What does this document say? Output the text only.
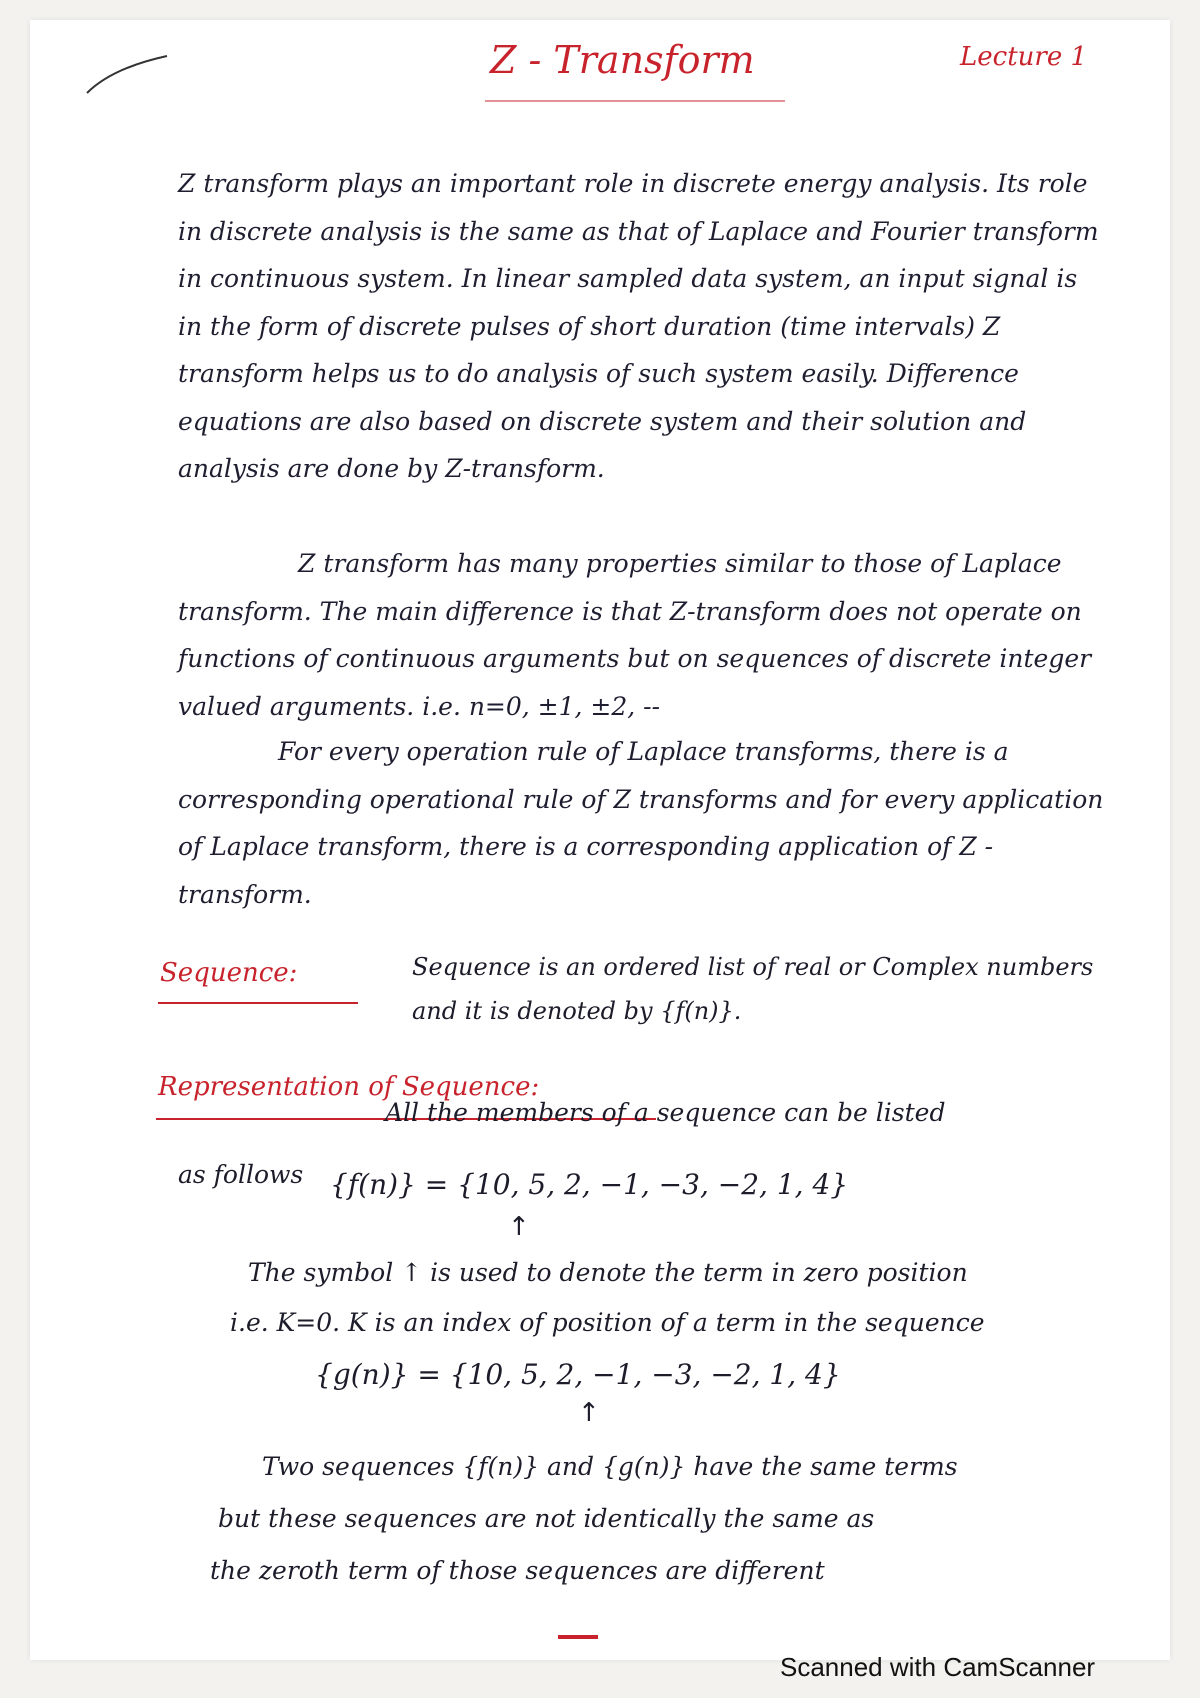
Z - Transform	Lecture 1
Z transform plays an important role in discrete energy analysis. Its role in discrete analysis is the same as that of Laplace and Fourier transform in continuous system. In linear sampled data system, an input signal is in the form of discrete pulses of short duration (time intervals) Z transform helps us to do analysis of such system easily. Difference equations are also based on discrete system and their solution and analysis are done by Z-transform.
Z transform has many properties similar to those of Laplace transform. The main difference is that Z-transform does not operate on functions of continuous arguments but on sequences of discrete integer valued arguments. i.e. n=0, ±1, ±2, --
For every operation rule of Laplace transforms, there is a corresponding operational rule of Z transforms and for every application of Laplace transform, there is a corresponding application of Z - transform.
Sequence:	Sequence is an ordered list of real or Complex numbers and it is denoted by {f(n)}.
Representation of Sequence:
All the members of a sequence can be listed
as follows {f(n)} = {10, 5, 2, −1, −3, −2, 1, 4}
↑
The symbol ↑ is used to denote the term in zero position
i.e. K=0. K is an index of position of a term in the sequence
{g(n)} = {10, 5, 2, −1, −3, −2, 1, 4}
↑
Two sequences {f(n)} and {g(n)} have the same terms
but these sequences are not identically the same as
the zeroth term of those sequences are different
Scanned with CamScanner
